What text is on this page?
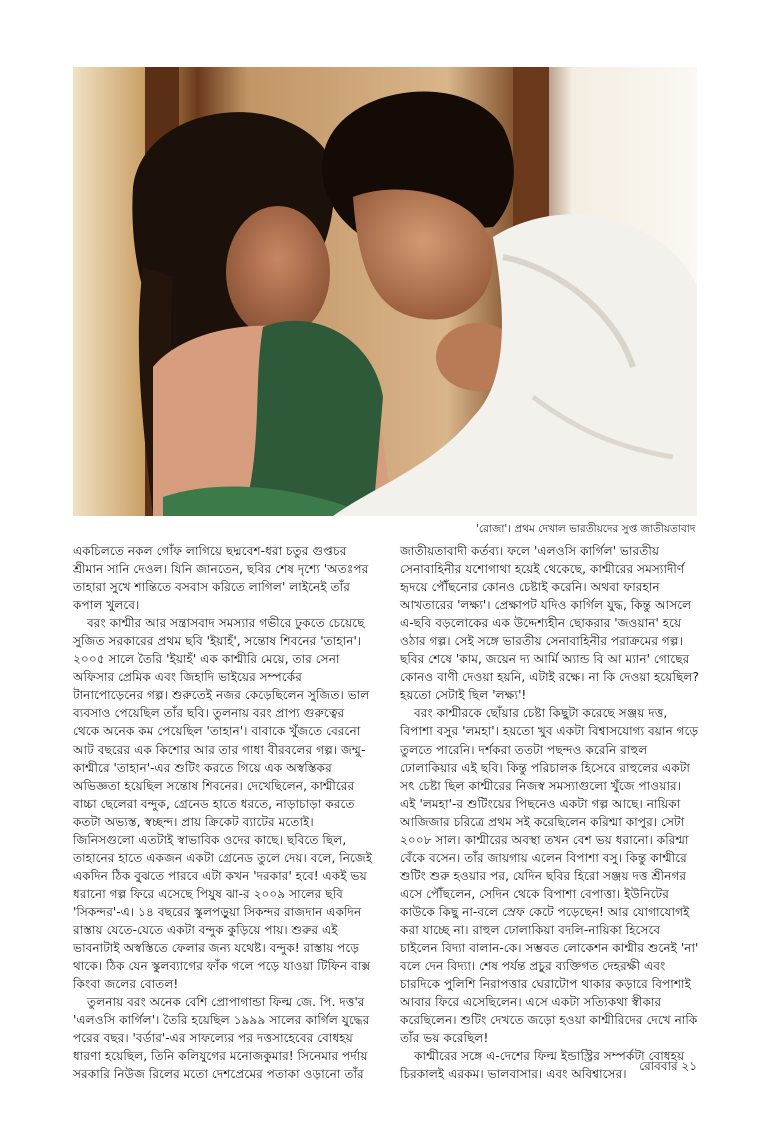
'রোজা'। প্রথম দেখাল ভারতীয়দের সুপ্ত জাতীয়তাবাদ

একচিলতে নকল গোঁফ লাগিয়ে ছদ্মবেশ-ধরা চতুর গুপ্তচর শ্রীমান সানি দেওল। যিনি জানতেন, ছবির শেষ দৃশ্যে 'অতঃপর তাহারা সুখে শান্তিতে বসবাস করিতে লাগিল' লাইনেই তাঁর কপাল খুলবে।

বরং কাশ্মীর আর সন্ত্রাসবাদ সমস্যার গভীরে ঢুকতে চেয়েছে সুজিত সরকারের প্রথম ছবি 'ইয়াহঁ', সন্তোষ শিবনের 'তাহান'। ২০০৫ সালে তৈরি 'ইয়াহঁ' এক কাশ্মীরি মেয়ে, তার সেনা অফিসার প্রেমিক এবং জিহাদি ভাইয়ের সম্পর্কের টানাপোড়েনের গল্প। শুরুতেই নজর কেড়েছিলেন সুজিত। ভাল ব্যবসাও পেয়েছিল তাঁর ছবি। তুলনায় বরং প্রাপ্য গুরুত্বের থেকে অনেক কম পেয়েছিল 'তাহান'। বাবাকে খুঁজতে বেরনো আট বছরের এক কিশোর আর তার গাধা বীরবলের গল্প। জম্মু-কাশ্মীরে 'তাহান'-এর শুটিং করতে গিয়ে এক অস্বস্তিকর অভিজ্ঞতা হয়েছিল সন্তোষ শিবনের। দেখেছিলেন, কাশ্মীরের বাচ্চা ছেলেরা বন্দুক, গ্রেনেড হাতে ধরতে, নাড়াচাড়া করতে কতটা অভ্যস্ত, স্বচ্ছন্দ। প্রায় ক্রিকেট ব্যাটের মতোই। জিনিসগুলো এতটাই স্বাভাবিক ওদের কাছে। ছবিতে ছিল, তাহানের হাতে একজন একটা গ্রেনেড তুলে দেয়। বলে, নিজেই একদিন ঠিক বুঝতে পারবে এটা কখন 'দরকার' হবে! একই ভয় ধরানো গল্প ফিরে এসেছে পিযুষ ঝা-র ২০০৯ সালের ছবি 'সিকন্দর'-এ। ১৪ বছরের স্কুলপড়ুয়া সিকন্দর রাজদান একদিন রাস্তায় যেতে-যেতে একটা বন্দুক কুড়িয়ে পায়। শুরুর এই ভাবনাটাই অস্বস্তিতে ফেলার জন্য যথেষ্ট। বন্দুক! রাস্তায় পড়ে থাকে। ঠিক যেন স্কুলব্যাগের ফাঁক গলে পড়ে যাওয়া টিফিন বাক্স কিংবা জলের বোতল!

তুলনায় বরং অনেক বেশি প্রোপাগান্ডা ফিল্ম জে. পি. দত্ত'র 'এলওসি কার্গিল'। তৈরি হয়েছিল ১৯৯৯ সালের কার্গিল যুদ্ধের পরের বছর। 'বর্ডার'-এর সাফল্যের পর দত্তসাহেবের বোধহয় ধারণা হয়েছিল, তিনি কলিযুগের মনোজকুমার! সিনেমার পর্দায় সরকারি নিউজ রিলের মতো দেশপ্রেমের পতাকা ওড়ানো তাঁর

জাতীয়তাবাদী কর্তব্য। ফলে 'এলওসি কার্গিল' ভারতীয় সেনাবাহিনীর যশোগাথা হয়েই থেকেছে, কাশ্মীরের সমস্যাদীর্ণ হৃদয়ে পৌঁছনোর কোনও চেষ্টাই করেনি। অথবা ফারহান আখতারের 'লক্ষ্য'। প্রেক্ষাপট যদিও কার্গিল যুদ্ধ, কিন্তু আসলে এ-ছবি বড়লোকের এক উদ্দেশ্যহীন ছোকরার 'জওয়ান' হয়ে ওঠার গল্প। সেই সঙ্গে ভারতীয় সেনাবাহিনীর পরাক্রমের গল্প। ছবির শেষে 'কাম, জয়েন দ্য আর্মি অ্যান্ড বি আ ম্যান' গোছের কোনও বাণী দেওয়া হয়নি, এটাই রক্ষে। না কি দেওয়া হয়েছিল? হয়তো সেটাই ছিল 'লক্ষ্য'!

বরং কাশ্মীরকে ছোঁয়ার চেষ্টা কিছুটা করেছে সঞ্জয় দত্ত, বিপাশা বসুর 'লমহা'। হয়তো খুব একটা বিশ্বাসযোগ্য বয়ান গড়ে তুলতে পারেনি। দর্শকরা ততটা পছন্দও করেনি রাহুল ঢোলাকিয়ার এই ছবি। কিন্তু পরিচালক হিসেবে রাহুলের একটা সৎ চেষ্টা ছিল কাশ্মীরের নিজস্ব সমস্যাগুলো খুঁজে পাওয়ার। এই 'লমহা'-র শুটিংয়ের পিছনেও একটা গল্প আছে। নায়িকা আজিজার চরিত্রে প্রথম সই করেছিলেন করিশ্মা কাপুর। সেটা ২০০৮ সাল। কাশ্মীরের অবস্থা তখন বেশ ভয় ধরানো। করিশ্মা বেঁকে বসেন। তাঁর জায়গায় এলেন বিপাশা বসু। কিন্তু কাশ্মীরে শুটিং শুরু হওয়ার পর, যেদিন ছবির হিরো সঞ্জয় দত্ত শ্রীনগর এসে পৌঁছলেন, সেদিন থেকে বিপাশা বেপাত্তা। ইউনিটের কাউকে কিছু না-বলে স্রেফ কেটে পড়েছেন! আর যোগাযোগই করা যাচ্ছে না। রাহুল ঢোলাকিয়া বদলি-নায়িকা হিসেবে চাইলেন বিদ্যা বালান-কে। সম্ভবত লোকেশন কাশ্মীর শুনেই 'না' বলে দেন বিদ্যা। শেষ পর্যন্ত প্রচুর ব্যক্তিগত দেহরক্ষী এবং চারদিকে পুলিশি নিরাপত্তার ঘেরাটোপ থাকার কড়ারে বিপাশাই আবার ফিরে এসেছিলেন। এসে একটা সত্যিকথা স্বীকার করেছিলেন। শুটিং দেখতে জড়ো হওয়া কাশ্মীরিদের দেখে নাকি তাঁর ভয় করেছিল!

কাশ্মীরের সঙ্গে এ-দেশের ফিল্ম ইন্ডাস্ট্রির সম্পর্কটা বোধহয় চিরকালই এরকম। ভালবাসার। এবং অবিশ্বাসের।

রোববার ২১
